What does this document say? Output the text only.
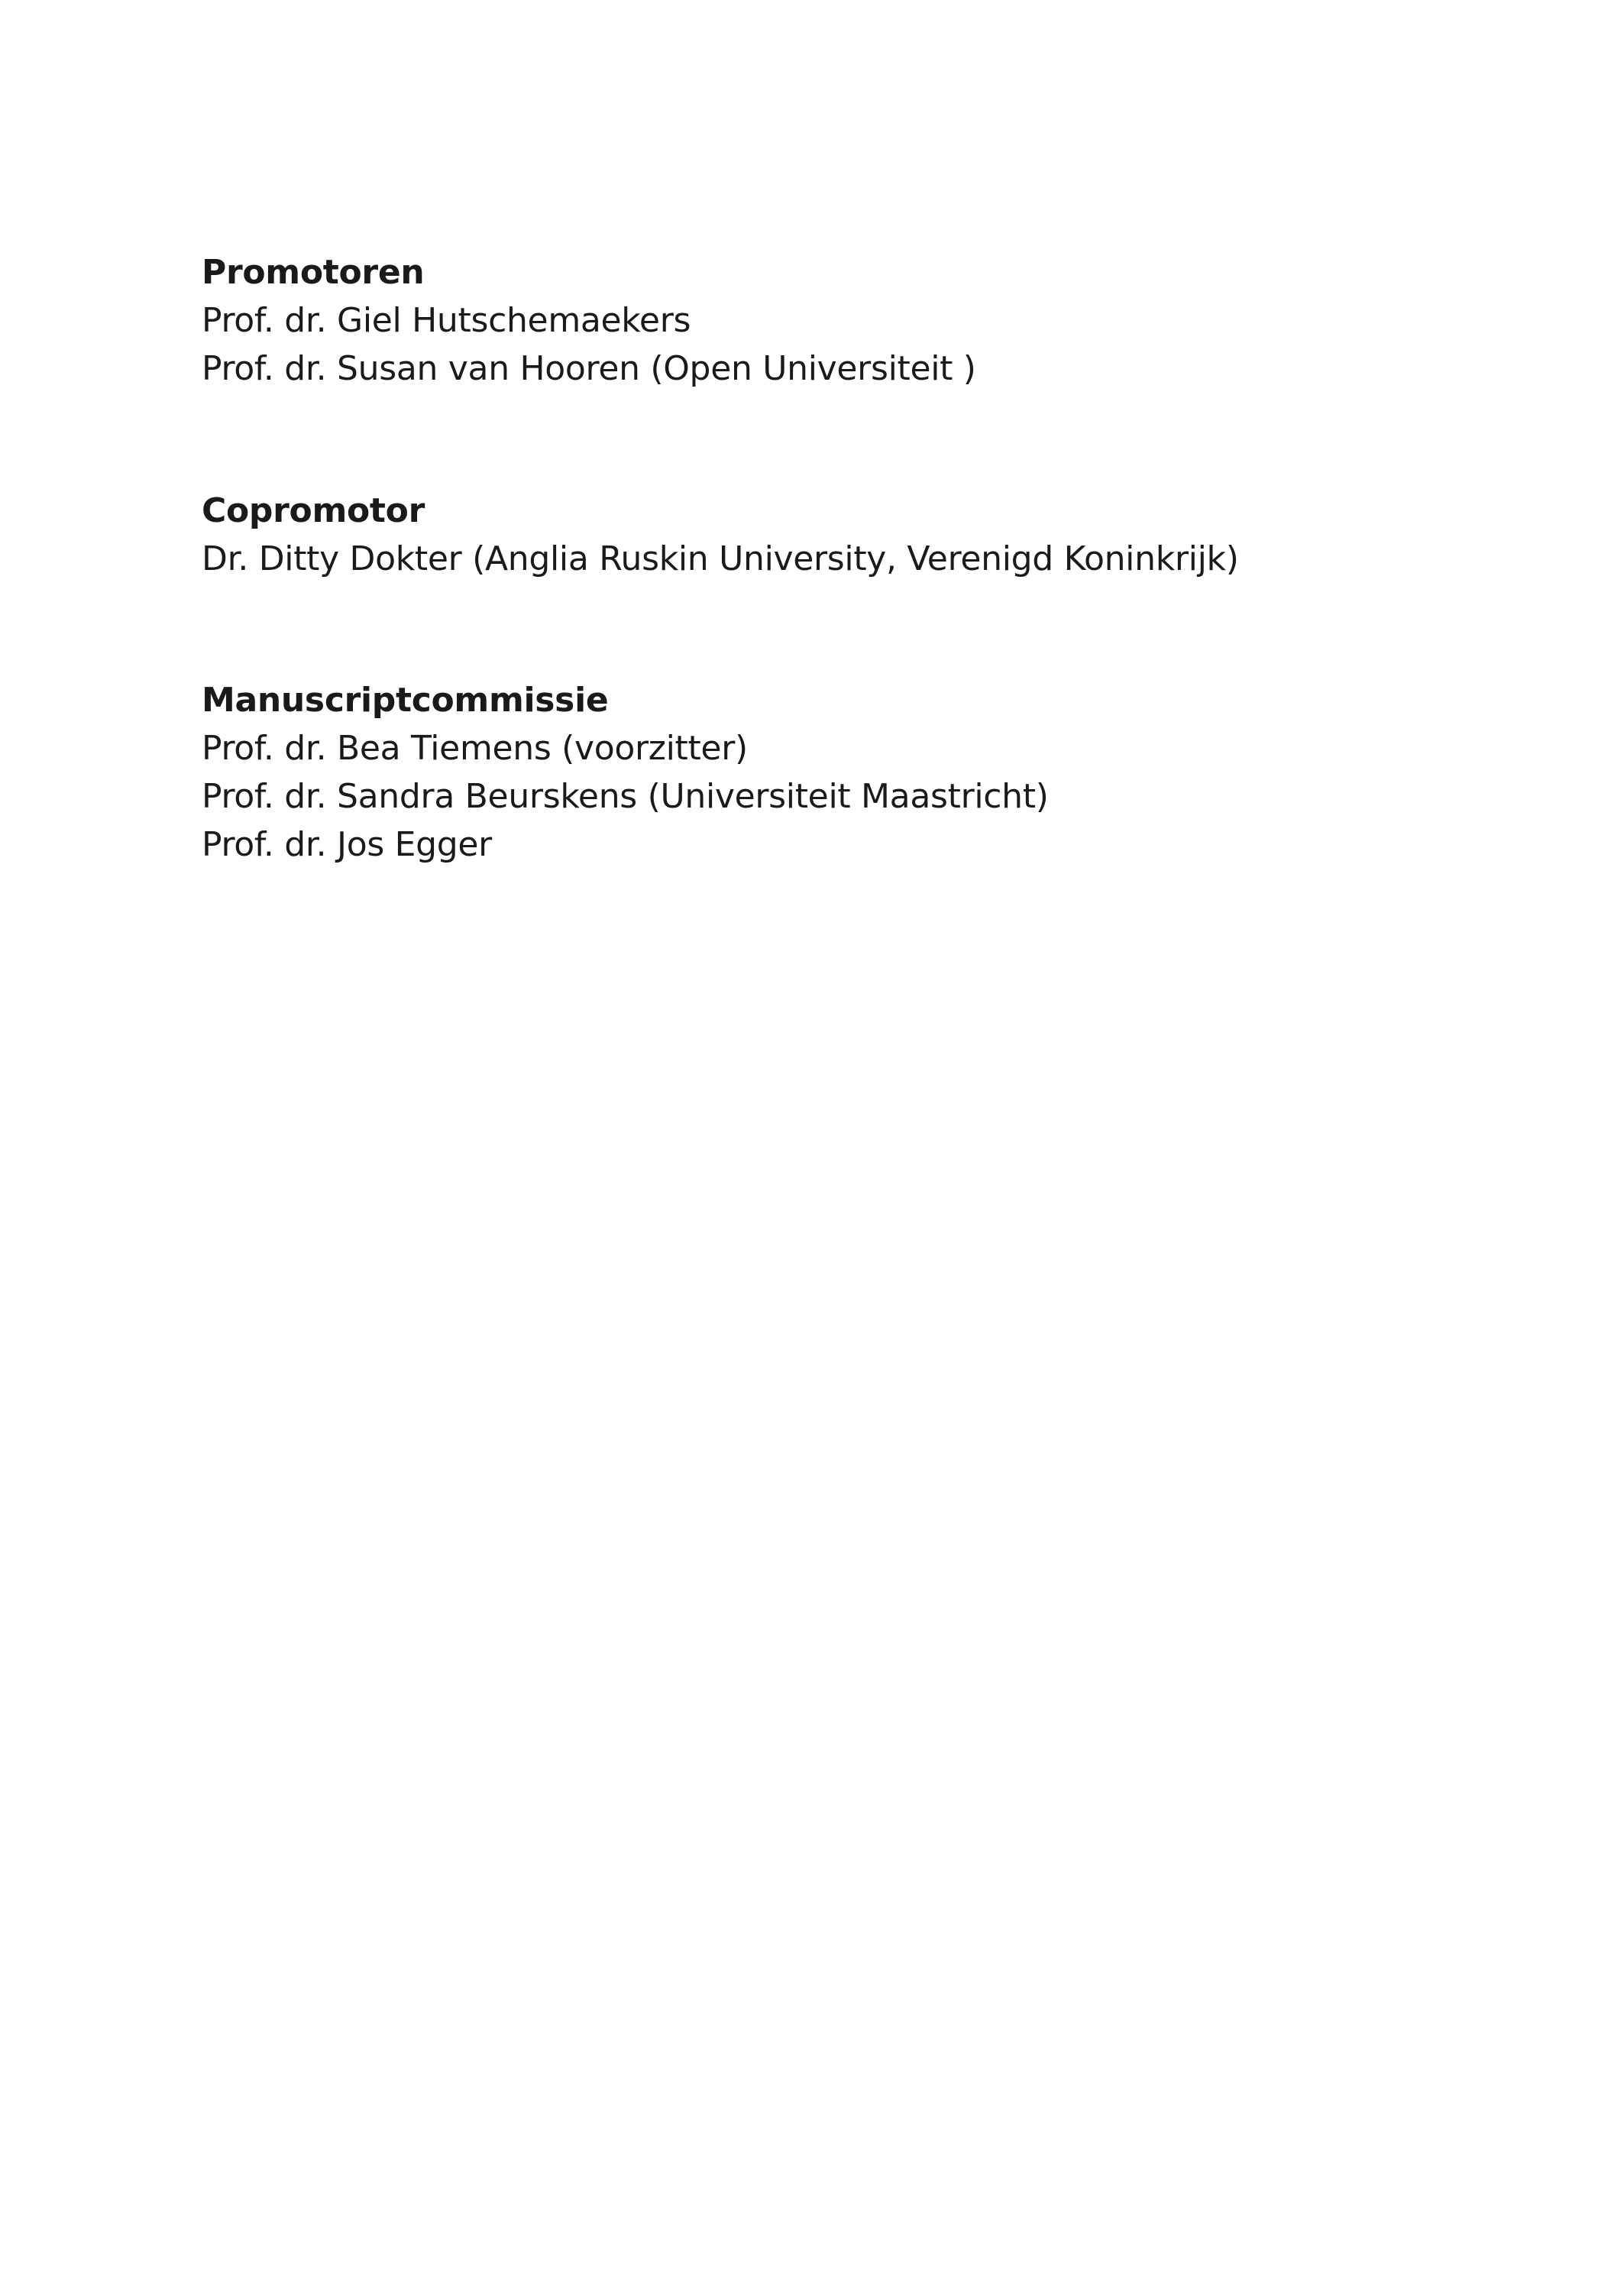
Promotoren

Prof. dr. Giel Hutschemaekers

Prof. dr. Susan van Hooren (Open Universiteit )

Copromotor

Dr. Ditty Dokter (Anglia Ruskin University, Verenigd Koninkrijk)

Manuscriptcommissie

Prof. dr. Bea Tiemens (voorzitter)

Prof. dr. Sandra Beurskens (Universiteit Maastricht)

Prof. dr. Jos Egger
